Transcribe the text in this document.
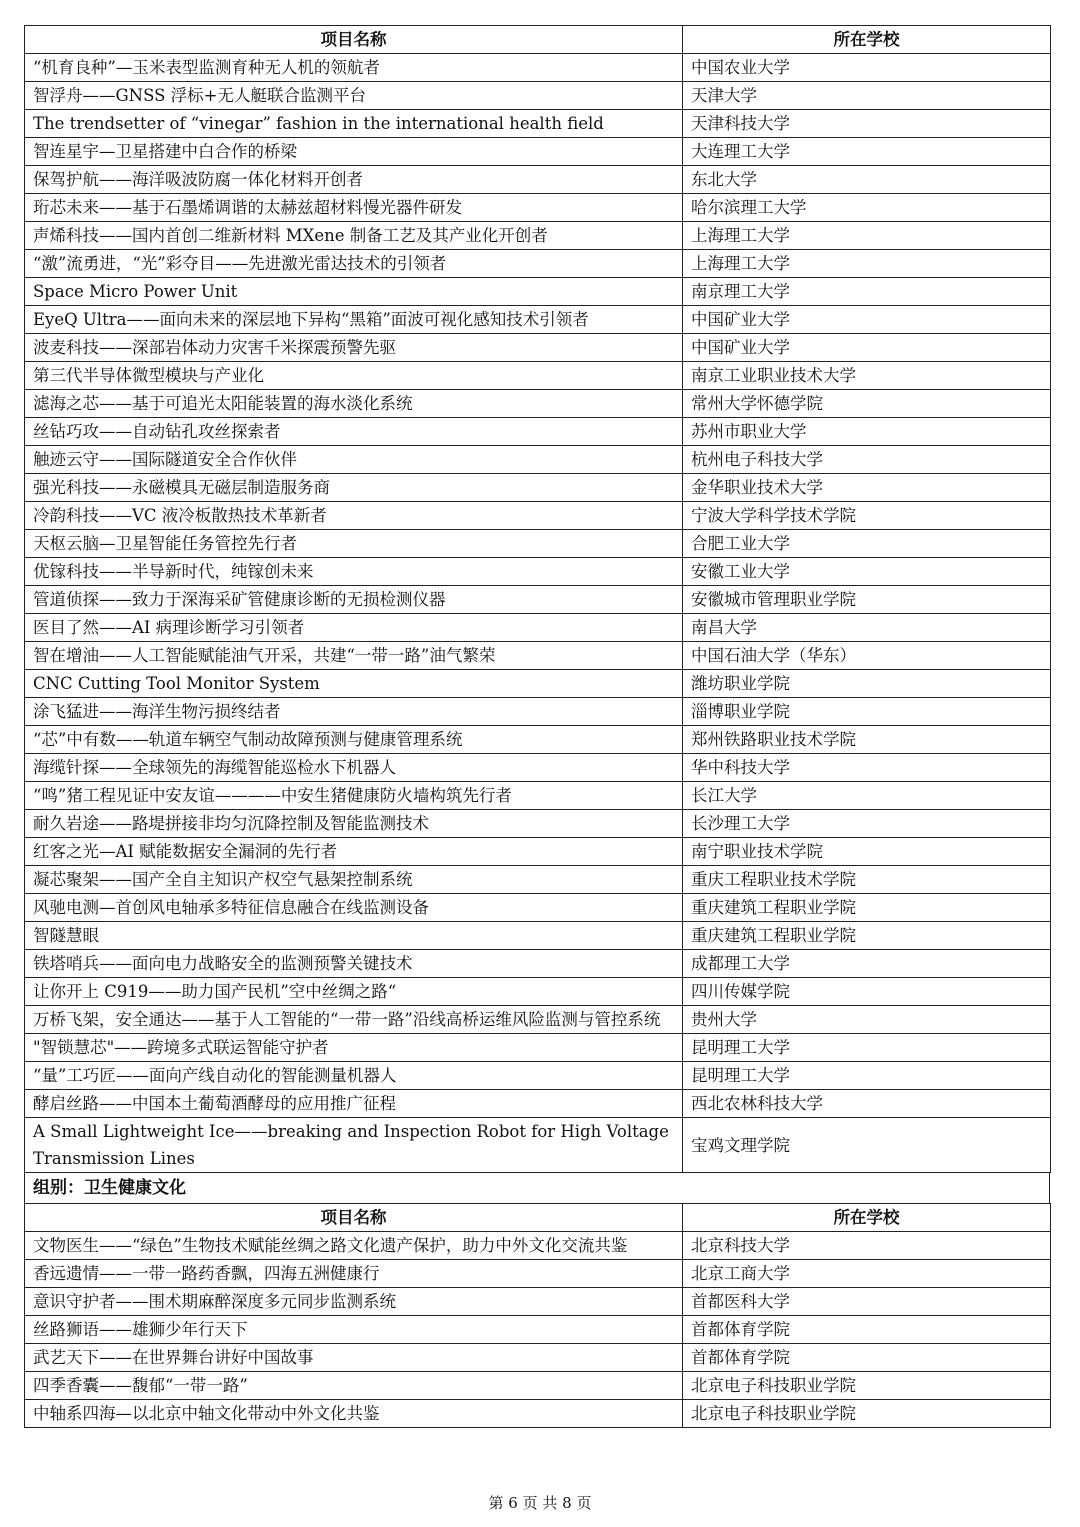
项目名称	所在学校
“机育良种”—玉米表型监测育种无人机的领航者	中国农业大学
智浮舟——GNSS 浮标+无人艇联合监测平台	天津大学
The trendsetter of “vinegar” fashion in the international health field	天津科技大学
智连星宇—卫星搭建中白合作的桥梁	大连理工大学
保驾护航——海洋吸波防腐一体化材料开创者	东北大学
珩芯未来——基于石墨烯调谐的太赫兹超材料慢光器件研发	哈尔滨理工大学
声烯科技——国内首创二维新材料 MXene 制备工艺及其产业化开创者	上海理工大学
“激”流勇进，“光”彩夺目——先进激光雷达技术的引领者	上海理工大学
Space Micro Power Unit	南京理工大学
EyeQ Ultra——面向未来的深层地下异构“黑箱”面波可视化感知技术引领者	中国矿业大学
波麦科技——深部岩体动力灾害千米探震预警先驱	中国矿业大学
第三代半导体微型模块与产业化	南京工业职业技术大学
滤海之芯——基于可追光太阳能装置的海水淡化系统	常州大学怀德学院
丝钻巧攻——自动钻孔攻丝探索者	苏州市职业大学
触迹云守——国际隧道安全合作伙伴	杭州电子科技大学
强光科技——永磁模具无磁层制造服务商	金华职业技术大学
冷韵科技——VC 液冷板散热技术革新者	宁波大学科学技术学院
天枢云脑—卫星智能任务管控先行者	合肥工业大学
优镓科技——半导新时代，纯镓创未来	安徽工业大学
管道侦探——致力于深海采矿管健康诊断的无损检测仪器	安徽城市管理职业学院
医目了然——AI 病理诊断学习引领者	南昌大学
智在增油——人工智能赋能油气开采，共建“一带一路”油气繁荣	中国石油大学（华东）
CNC Cutting Tool Monitor System	潍坊职业学院
涂飞猛进——海洋生物污损终结者	淄博职业学院
“芯”中有数——轨道车辆空气制动故障预测与健康管理系统	郑州铁路职业技术学院
海缆针探——全球领先的海缆智能巡检水下机器人	华中科技大学
“鸣”猪工程见证中安友谊————中安生猪健康防火墙构筑先行者	长江大学
耐久岩途——路堤拼接非均匀沉降控制及智能监测技术	长沙理工大学
红客之光—AI 赋能数据安全漏洞的先行者	南宁职业技术学院
凝芯聚架——国产全自主知识产权空气悬架控制系统	重庆工程职业技术学院
风驰电测—首创风电轴承多特征信息融合在线监测设备	重庆建筑工程职业学院
智隧慧眼	重庆建筑工程职业学院
铁塔哨兵——面向电力战略安全的监测预警关键技术	成都理工大学
让你开上 C919——助力国产民机”空中丝绸之路“	四川传媒学院
万桥飞架，安全通达——基于人工智能的“一带一路”沿线高桥运维风险监测与管控系统	贵州大学
"智锁慧芯"——跨境多式联运智能守护者	昆明理工大学
“量”工巧匠——面向产线自动化的智能测量机器人	昆明理工大学
酵启丝路——中国本土葡萄酒酵母的应用推广征程	西北农林科技大学
A Small Lightweight Ice——breaking and Inspection Robot for High Voltage Transmission Lines	宝鸡文理学院
组别：卫生健康文化
项目名称	所在学校
文物医生——“绿色”生物技术赋能丝绸之路文化遗产保护，助力中外文化交流共鉴	北京科技大学
香远遗情——一带一路药香飘，四海五洲健康行	北京工商大学
意识守护者——围术期麻醉深度多元同步监测系统	首都医科大学
丝路狮语——雄狮少年行天下	首都体育学院
武艺天下——在世界舞台讲好中国故事	首都体育学院
四季香囊——馥郁“一带一路”	北京电子科技职业学院
中轴系四海—以北京中轴文化带动中外文化共鉴	北京电子科技职业学院
第 6 页 共 8 页
